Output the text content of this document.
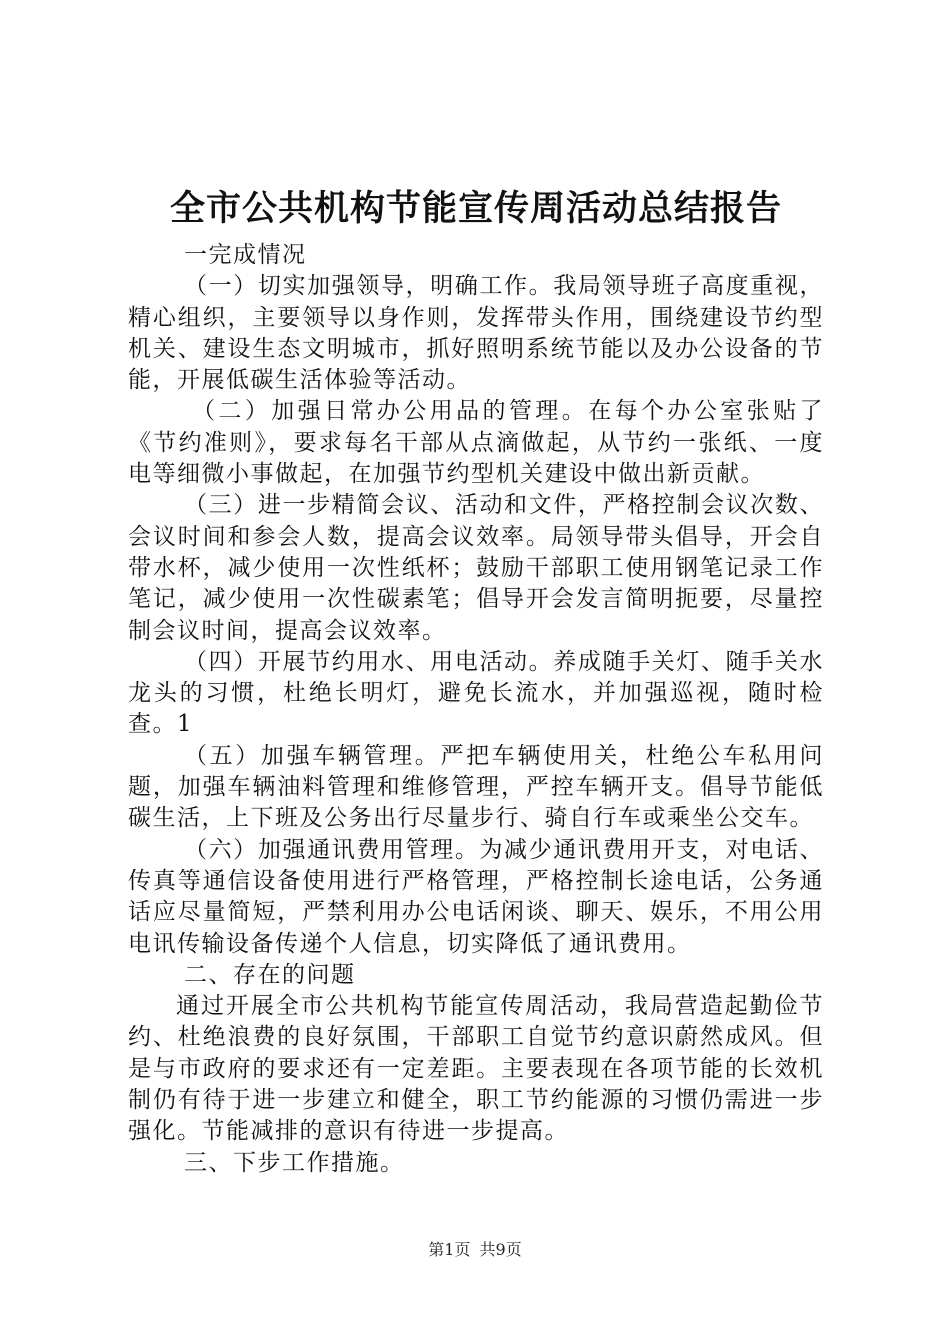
全市公共机构节能宣传周活动总结报告

一完成情况

（一）切实加强领导，明确工作。我局领导班子高度重视，精心组织，主要领导以身作则，发挥带头作用，围绕建设节约型机关、建设生态文明城市，抓好照明系统节能以及办公设备的节能，开展低碳生活体验等活动。

（二）加强日常办公用品的管理。在每个办公室张贴了《节约准则》，要求每名干部从点滴做起，从节约一张纸、一度电等细微小事做起，在加强节约型机关建设中做出新贡献。

（三）进一步精简会议、活动和文件，严格控制会议次数、会议时间和参会人数，提高会议效率。局领导带头倡导，开会自带水杯，减少使用一次性纸杯；鼓励干部职工使用钢笔记录工作笔记，减少使用一次性碳素笔；倡导开会发言简明扼要，尽量控制会议时间，提高会议效率。

（四）开展节约用水、用电活动。养成随手关灯、随手关水龙头的习惯，杜绝长明灯，避免长流水，并加强巡视，随时检查。1

（五）加强车辆管理。严把车辆使用关，杜绝公车私用问题，加强车辆油料管理和维修管理，严控车辆开支。倡导节能低碳生活，上下班及公务出行尽量步行、骑自行车或乘坐公交车。

（六）加强通讯费用管理。为减少通讯费用开支，对电话、传真等通信设备使用进行严格管理，严格控制长途电话，公务通话应尽量简短，严禁利用办公电话闲谈、聊天、娱乐，不用公用电讯传输设备传递个人信息，切实降低了通讯费用。

二、存在的问题

通过开展全市公共机构节能宣传周活动，我局营造起勤俭节约、杜绝浪费的良好氛围，干部职工自觉节约意识蔚然成风。但是与市政府的要求还有一定差距。主要表现在各项节能的长效机制仍有待于进一步建立和健全，职工节约能源的习惯仍需进一步强化。节能减排的意识有待进一步提高。

三、下步工作措施。

第1页 共9页
